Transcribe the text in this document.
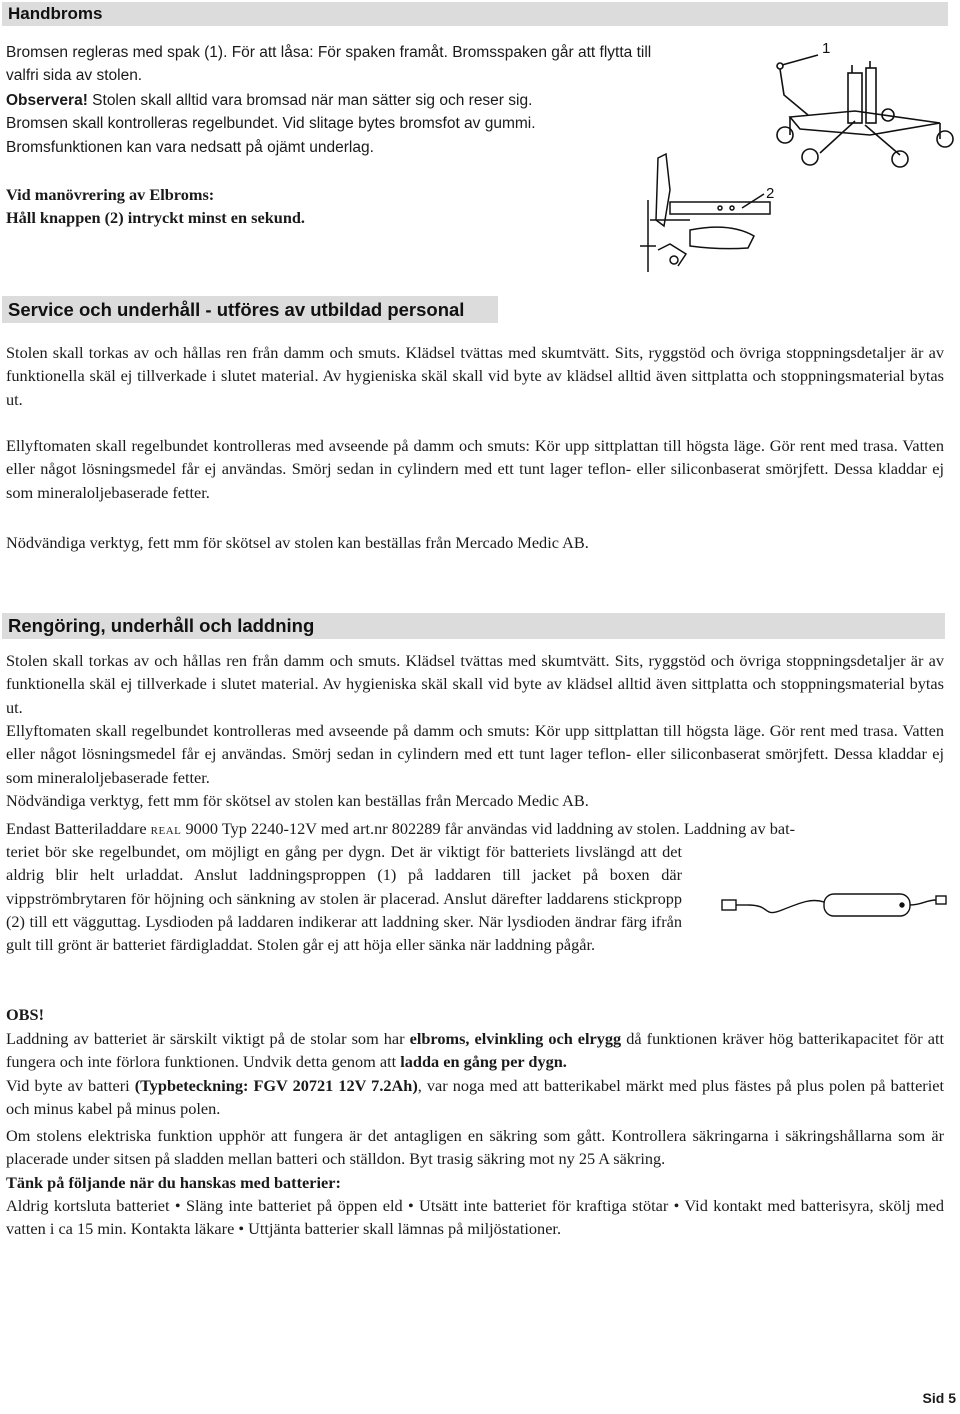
Handbroms

Bromsen regleras med spak (1). För att låsa: För spaken framåt. Bromsspaken går att flytta till valfri sida av stolen.

Observera! Stolen skall alltid vara bromsad när man sätter sig och reser sig.
Bromsen skall kontrolleras regelbundet. Vid slitage bytes bromsfot av gummi.
Bromsfunktionen kan vara nedsatt på ojämt underlag.

Vid manövrering av Elbroms:
Håll knappen (2) intryckt minst en sekund.

1
2
Service och underhåll - utföres av utbildad personal

Stolen skall torkas av och hållas ren från damm och smuts. Klädsel tvättas med skumtvätt. Sits, ryggstöd och övriga stoppningsdetaljer är av funktionella skäl ej tillverkade i slutet material. Av hygieniska skäl skall vid byte av klädsel alltid även sittplatta och stoppningsmaterial bytas ut.

Ellyftomaten skall regelbundet kontrolleras med avseende på damm och smuts: Kör upp sittplattan till högsta läge. Gör rent med trasa. Vatten eller något lösningsmedel får ej användas. Smörj sedan in cylindern med ett tunt lager teflon- eller siliconbaserat smörjfett. Dessa kladdar ej som mineraloljebaserade fetter.

Nödvändiga verktyg, fett mm för skötsel av stolen kan beställas från Mercado Medic AB.

Rengöring, underhåll och laddning

Stolen skall torkas av och hållas ren från damm och smuts. Klädsel tvättas med skumtvätt. Sits, ryggstöd och övriga stoppningsdetaljer är av funktionella skäl ej tillverkade i slutet material. Av hygieniska skäl skall vid byte av klädsel alltid även sittplatta och stoppningsmaterial bytas ut.

Ellyftomaten skall regelbundet kontrolleras med avseende på damm och smuts: Kör upp sittplattan till högsta läge. Gör rent med trasa. Vatten eller något lösningsmedel får ej användas. Smörj sedan in cylindern med ett tunt lager teflon- eller siliconbaserat smörjfett. Dessa kladdar ej som mineraloljebaserade fetter.

Nödvändiga verktyg, fett mm för skötsel av stolen kan beställas från Mercado Medic AB.

Endast Batteriladdare real 9000 Typ 2240-12V med art.nr 802289 får användas vid laddning av stolen. Laddning av bat-

teriet bör ske regelbundet, om möjligt en gång per dygn. Det är viktigt för batteriets livslängd att det aldrig blir helt urladdat. Anslut laddningsproppen (1) på laddaren till jacket på boxen där vippströmbrytaren för höjning och sänkning av stolen är placerad. Anslut därefter laddarens stickpropp (2) till ett vägguttag. Lysdioden på laddaren indikerar att laddning sker. När lysdioden ändrar färg ifrån gult till grönt är batteriet färdigladdat. Stolen går ej att höja eller sänka när laddning pågår.

OBS!

Laddning av batteriet är särskilt viktigt på de stolar som har elbroms, elvinkling och elrygg då funktionen kräver hög batterikapacitet för att fungera och inte förlora funktionen. Undvik detta genom att ladda en gång per dygn.

Vid byte av batteri (Typbeteckning: FGV 20721 12V 7.2Ah), var noga med att batterikabel märkt med plus fästes på plus polen på batteriet och minus kabel på minus polen.

Om stolens elektriska funktion upphör att fungera är det antagligen en säkring som gått. Kontrollera säkringarna i säkringshållarna som är placerade under sitsen på sladden mellan batteri och ställdon. Byt trasig säkring mot ny 25 A säkring.

Tänk på följande när du hanskas med batterier:

Aldrig kortsluta batteriet • Släng inte batteriet på öppen eld • Utsätt inte batteriet för kraftiga stötar • Vid kontakt med batterisyra, skölj med vatten i ca 15 min. Kontakta läkare • Uttjänta batterier skall lämnas på miljöstationer.

Sid 5
